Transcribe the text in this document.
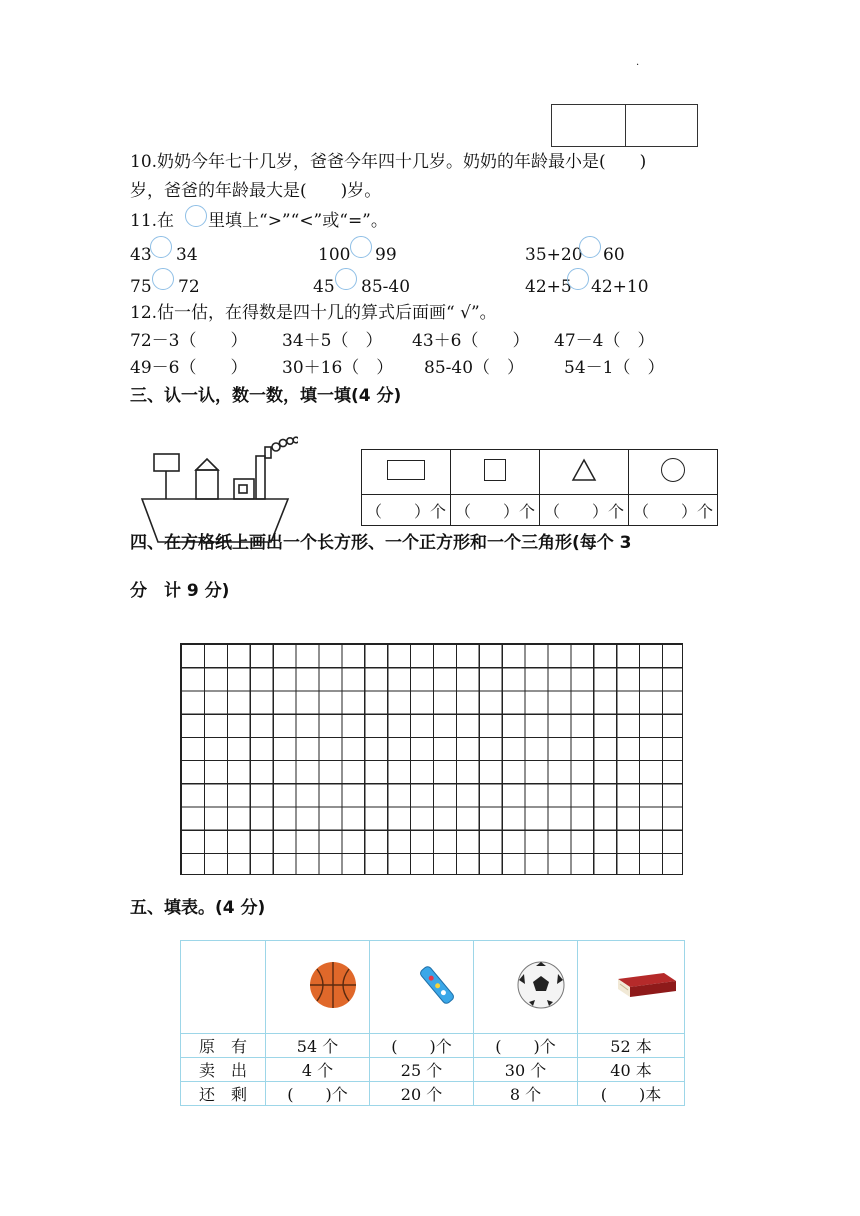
.
10.奶奶今年七十几岁，爸爸今年四十几岁。奶奶的年龄最小是(　　)
岁，爸爸的年龄最大是(　　)岁。
11.在 里填上“>”“<”或“=”。
43 34	100 99	35+20 60
75 72	45 85-40	42+5 42+10
12.估一估，在得数是四十几的算式后面画“ √”。
72－3（　　） 34＋5（　） 43＋6（　　） 47－4（　）
49－6（　　） 30＋16（　） 85-40（　） 54－1（　）
三、认一认，数一数，填一填(4 分)

（　　）个	（　　）个	（　　）个	（　　）个
四、在方格纸上画出一个长方形、一个正方形和一个三角形(每个 3
分　计 9 分)
五、填表。(4 分)

原　有	54 个	(　　)个	(　　)个	52 本
卖　出	4 个	25 个	30 个	40 本
还　剩	(　　)个	20 个	8 个	(　　)本
